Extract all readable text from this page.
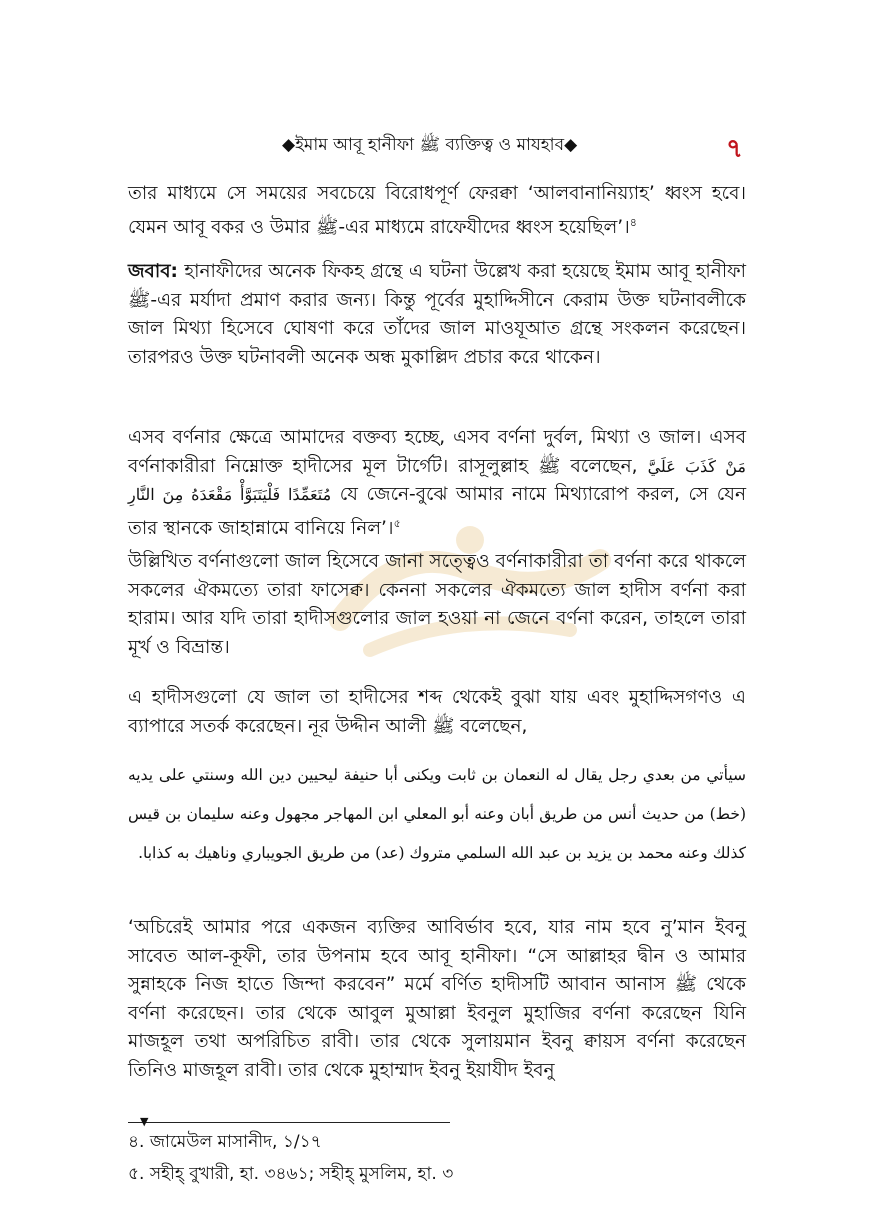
◆ইমাম আবূ হানীফা ﷺ ব্যক্তিত্ব ও মাযহাব◆	৭
তার মাধ্যমে সে সময়ের সবচেয়ে বিরোধপূর্ণ ফেরক্বা ‘আলবানানিয়্যাহ’ ধ্বংস হবে। যেমন আবূ বকর ও উমার ﷺ-এর মাধ্যমে রাফেযীদের ধ্বংস হয়েছিল’।$^৪$
জবাব: হানাফীদের অনেক ফিকহ গ্রন্থে এ ঘটনা উল্লেখ করা হয়েছে ইমাম আবূ হানীফা ﷺ-এর মর্যাদা প্রমাণ করার জন্য। কিন্তু পূর্বের মুহাদ্দিসীনে কেরাম উক্ত ঘটনাবলীকে জাল মিথ্যা হিসেবে ঘোষণা করে তাঁদের জাল মাওযূআত গ্রন্থে সংকলন করেছেন। তারপরও উক্ত ঘটনাবলী অনেক অন্ধ মুকাল্লিদ প্রচার করে থাকেন।
এসব বর্ণনার ক্ষেত্রে আমাদের বক্তব্য হচ্ছে, এসব বর্ণনা দুর্বল, মিথ্যা ও জাল। এসব বর্ণনাকারীরা নিম্নোক্ত হাদীসের মূল টার্গেট। রাসূলুল্লাহ ﷺ বলেছেন, مَنْ كَذَبَ عَلَيَّ مُتَعَمِّدًا فَلْيَتَبَوَّأْ مَقْعَدَهُ مِنَ النَّارِ যে জেনে-বুঝে আমার নামে মিথ্যারোপ করল, সে যেন তার স্থানকে জাহান্নামে বানিয়ে নিল’।$^৫$
উল্লিখিত বর্ণনাগুলো জাল হিসেবে জানা সত্ত্বেও বর্ণনাকারীরা তা বর্ণনা করে থাকলে সকলের ঐকমত্যে তারা ফাসেক্ব। কেননা সকলের ঐকমত্যে জাল হাদীস বর্ণনা করা হারাম। আর যদি তারা হাদীসগুলোর জাল হওয়া না জেনে বর্ণনা করেন, তাহলে তারা মূর্খ ও বিভ্রান্ত।
এ হাদীসগুলো যে জাল তা হাদীসের শব্দ থেকেই বুঝা যায় এবং মুহাদ্দিসগণও এ ব্যাপারে সতর্ক করেছেন। নূর উদ্দীন আলী ﷺ বলেছেন,
سيأتي من بعدي رجل يقال له النعمان بن ثابت ويكنى أبا حنيفة ليحيين دين الله وسنتي على يديه (خط) من حديث أنس من طريق أبان وعنه أبو المعلي ابن المهاجر مجهول وعنه سليمان بن قيس كذلك وعنه محمد بن يزيد بن عبد الله السلمي متروك (عد) من طريق الجويباري وناهيك به كذابا.
‘অচিরেই আমার পরে একজন ব্যক্তির আবির্ভাব হবে, যার নাম হবে নু’মান ইবনু সাবেত আল-কূফী, তার উপনাম হবে আবূ হানীফা। “সে আল্লাহর দ্বীন ও আমার সুন্নাহকে নিজ হাতে জিন্দা করবেন” মর্মে বর্ণিত হাদীসটি আবান আনাস ﷺ থেকে বর্ণনা করেছেন। তার থেকে আবুল মুআল্লা ইবনুল মুহাজির বর্ণনা করেছেন যিনি মাজহূল তথা অপরিচিত রাবী। তার থেকে সুলায়মান ইবনু ক্বায়স বর্ণনা করেছেন তিনিও মাজহূল রাবী। তার থেকে মুহাম্মাদ ইবনু ইয়াযীদ ইবনু
▼
৪. জামেউল মাসানীদ, ১/১৭
৫. সহীহ্‌ বুখারী, হা. ৩৪৬১; সহীহ্‌ মুসলিম, হা. ৩
